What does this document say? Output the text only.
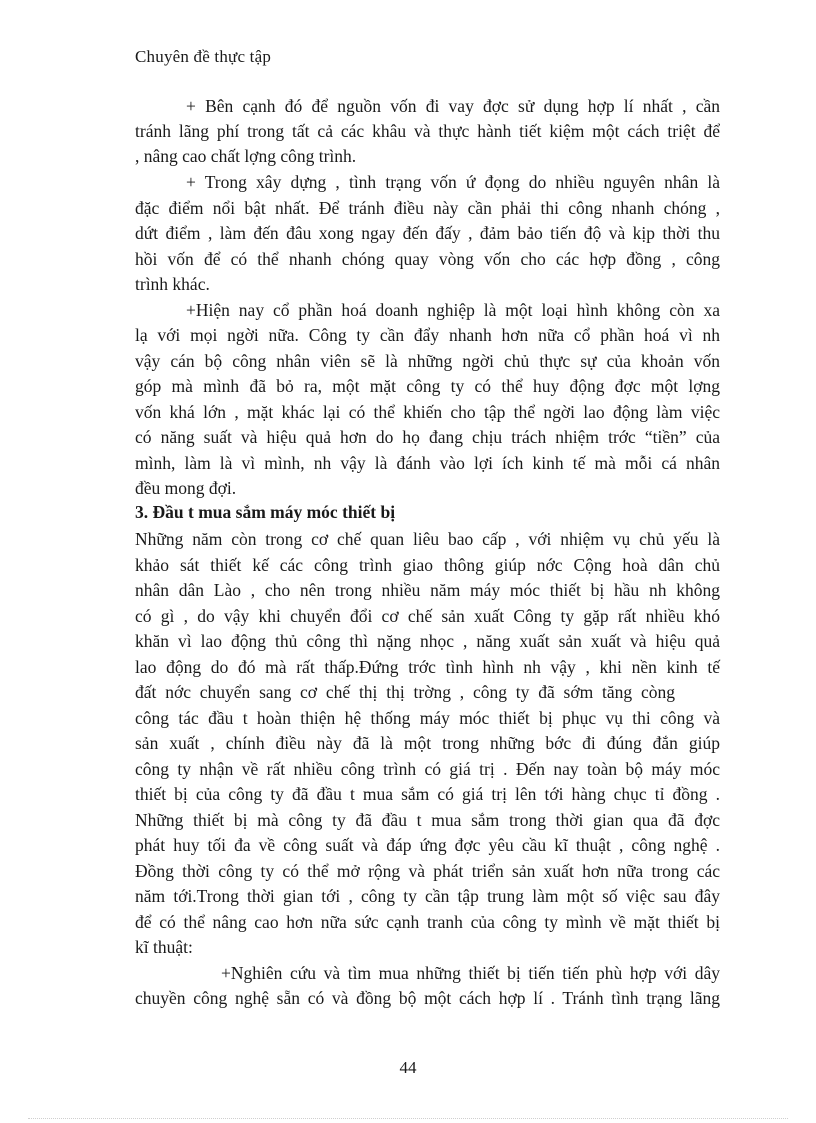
Chuyên đề thực tập
+ Bên cạnh đó để nguồn vốn đi vay đợc sử dụng hợp lí nhất , cần
tránh lãng phí trong tất cả các khâu và thực hành tiết kiệm một cách triệt để
, nâng cao chất lợng công trình.
+ Trong xây dựng , tình trạng vốn ứ đọng do nhiều nguyên nhân là
đặc điểm nổi bật nhất. Để tránh điều này cần phải thi công nhanh chóng ,
dứt điểm , làm đến đâu xong ngay đến đấy , đảm bảo tiến độ và kịp thời thu
hồi vốn để có thể nhanh chóng quay vòng vốn cho các hợp đồng , công
trình khác.
+Hiện nay cổ phần hoá doanh nghiệp là một loại hình không còn xa
lạ với mọi ngời nữa. Công ty cần đẩy nhanh hơn nữa cổ phần hoá vì nh
vậy cán bộ công nhân viên sẽ là những ngời chủ thực sự của khoản vốn
góp mà mình đã bỏ ra, một mặt công ty có thể huy động đợc một lợng
vốn khá lớn , mặt khác lại có thể khiến cho tập thể ngời lao động làm việc
có năng suất và hiệu quả hơn do họ đang chịu trách nhiệm trớc “tiền” của
mình, làm là vì mình, nh vậy là đánh vào lợi ích kinh tế mà mỗi cá nhân
đều mong đợi.
3. Đầu t mua sắm máy móc thiết bị
Những năm còn trong cơ chế quan liêu bao cấp , với nhiệm vụ chủ yếu là
khảo sát thiết kế các công trình giao thông giúp nớc Cộng hoà dân chủ
nhân dân Lào , cho nên trong nhiều năm máy móc thiết bị hầu nh không
có gì , do vậy khi chuyển đổi cơ chế sản xuất Công ty gặp rất nhiều khó
khăn vì lao động thủ công thì nặng nhọc , năng xuất sản xuất và hiệu quả
lao động do đó mà rất thấp.Đứng trớc tình hình nh vậy , khi nền kinh tế
đất nớc chuyển sang cơ chế thị thị trờng , công ty đã sớm tăng còng
công tác đầu t hoàn thiện hệ thống máy móc thiết bị phục vụ thi công và
sản xuất , chính điều này đã là một trong những bớc đi đúng đắn giúp
công ty nhận về rất nhiều công trình có giá trị . Đến nay toàn bộ máy móc
thiết bị của công ty đã đầu t mua sắm có giá trị lên tới hàng chục tỉ đồng .
Những thiết bị mà công ty đã đầu t mua sắm trong thời gian qua đã đợc
phát huy tối đa về công suất và đáp ứng đợc yêu cầu kĩ thuật , công nghệ .
Đồng thời công ty có thể mở rộng và phát triển sản xuất hơn nữa trong các
năm tới.Trong thời gian tới , công ty cần tập trung làm một số việc sau đây
để có thể nâng cao hơn nữa sức cạnh tranh của công ty mình về mặt thiết bị
kĩ thuật:
+Nghiên cứu và tìm mua những thiết bị tiến tiến phù hợp với dây
chuyền công nghệ sẵn có và đồng bộ một cách hợp lí . Tránh tình trạng lãng
44
